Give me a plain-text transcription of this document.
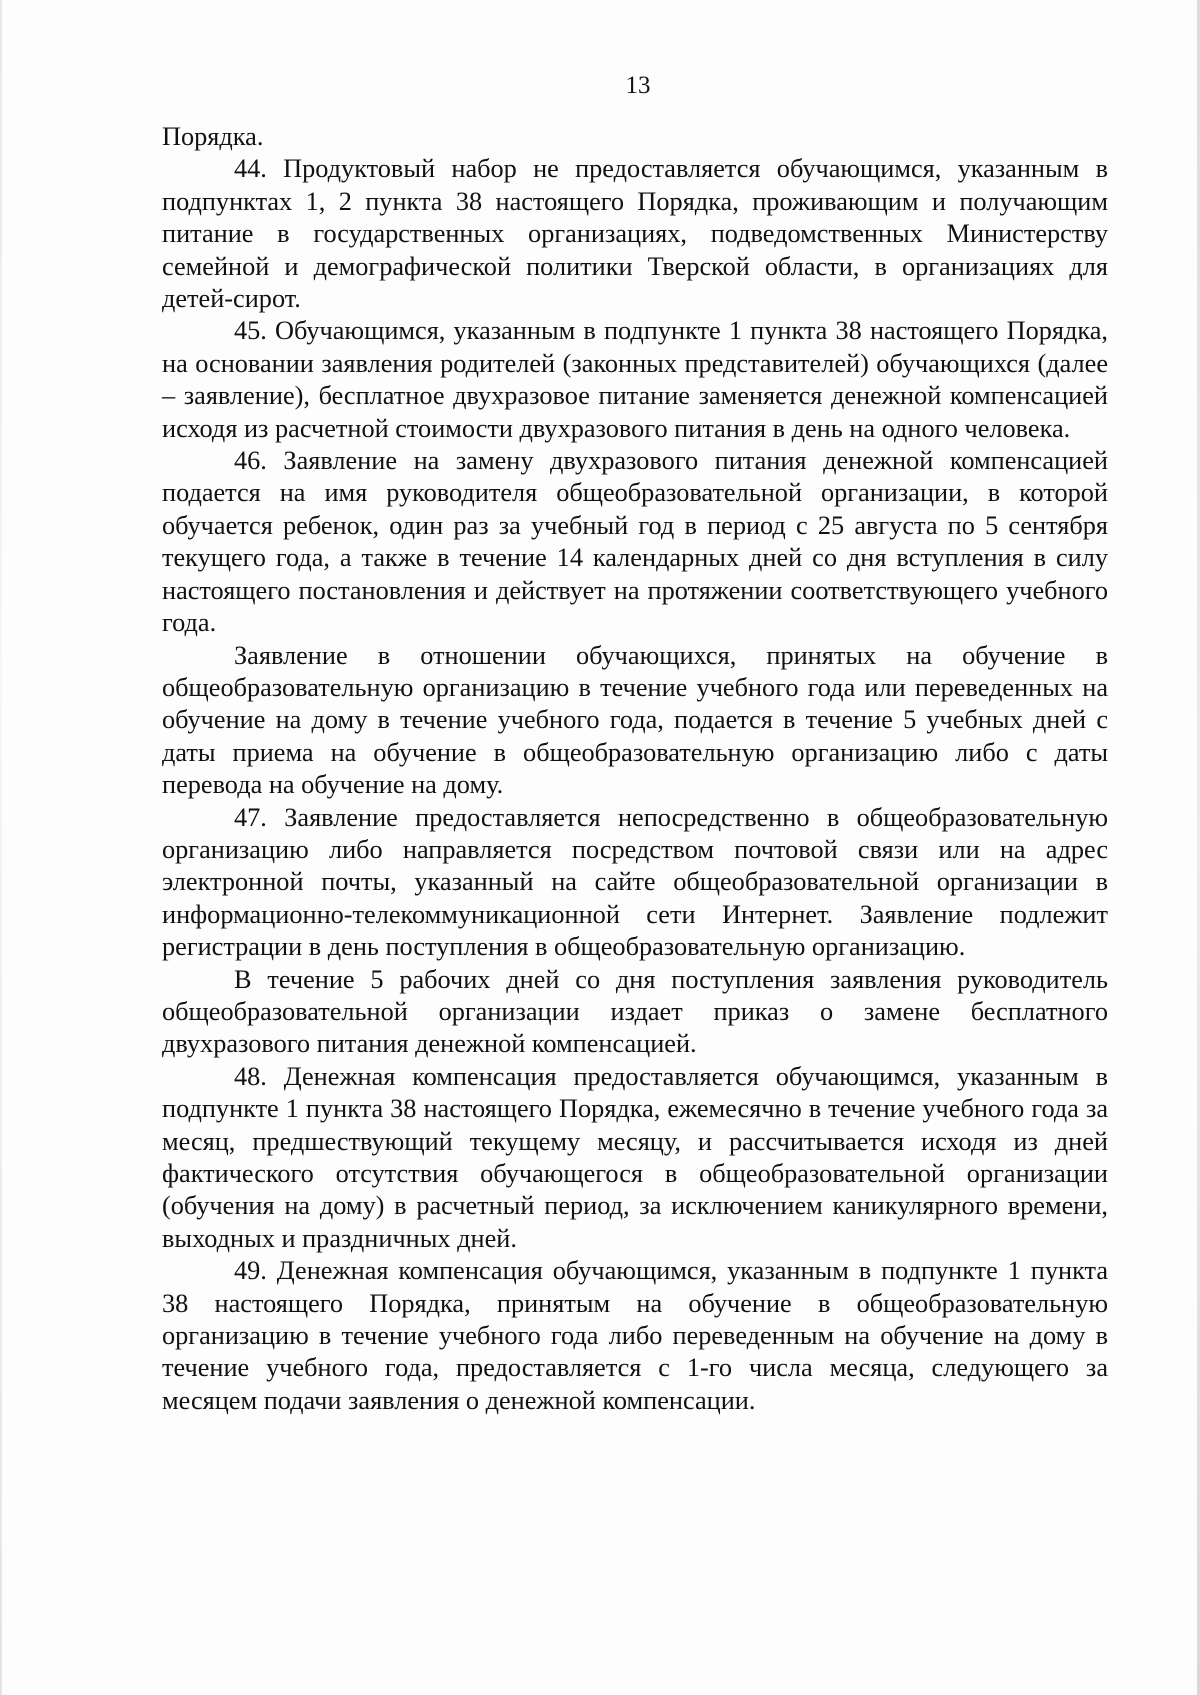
13

Порядка.

44. Продуктовый набор не предоставляется обучающимся, указанным в подпунктах 1, 2 пункта 38 настоящего Порядка, проживающим и получающим питание в государственных организациях, подведомственных Министерству семейной и демографической политики Тверской области, в организациях для детей-сирот.

45. Обучающимся, указанным в подпункте 1 пункта 38 настоящего Порядка, на основании заявления родителей (законных представителей) обучающихся (далее – заявление), бесплатное двухразовое питание заменяется денежной компенсацией исходя из расчетной стоимости двухразового питания в день на одного человека.

46. Заявление на замену двухразового питания денежной компенсацией подается на имя руководителя общеобразовательной организации, в которой обучается ребенок, один раз за учебный год в период с 25 августа по 5 сентября текущего года, а также в течение 14 календарных дней со дня вступления в силу настоящего постановления и действует на протяжении соответствующего учебного года.

Заявление в отношении обучающихся, принятых на обучение в общеобразовательную организацию в течение учебного года или переведенных на обучение на дому в течение учебного года, подается в течение 5 учебных дней с даты приема на обучение в общеобразовательную организацию либо с даты перевода на обучение на дому.

47. Заявление предоставляется непосредственно в общеобразовательную организацию либо направляется посредством почтовой связи или на адрес электронной почты, указанный на сайте общеобразовательной организации в информационно-телекоммуникационной сети Интернет. Заявление подлежит регистрации в день поступления в общеобразовательную организацию.

В течение 5 рабочих дней со дня поступления заявления руководитель общеобразовательной организации издает приказ о замене бесплатного двухразового питания денежной компенсацией.

48. Денежная компенсация предоставляется обучающимся, указанным в подпункте 1 пункта 38 настоящего Порядка, ежемесячно в течение учебного года за месяц, предшествующий текущему месяцу, и рассчитывается исходя из дней фактического отсутствия обучающегося в общеобразовательной организации (обучения на дому) в расчетный период, за исключением каникулярного времени, выходных и праздничных дней.

49. Денежная компенсация обучающимся, указанным в подпункте 1 пункта 38 настоящего Порядка, принятым на обучение в общеобразовательную организацию в течение учебного года либо переведенным на обучение на дому в течение учебного года, предоставляется с 1-го числа месяца, следующего за месяцем подачи заявления о денежной компенсации.
